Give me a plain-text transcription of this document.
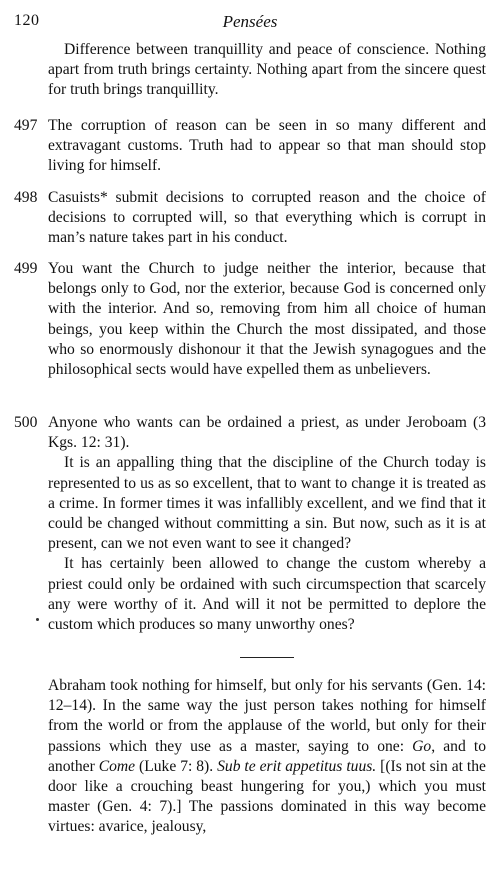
120	Pensées

Difference between tranquillity and peace of conscience. Nothing apart from truth brings certainty. Nothing apart from the sincere quest for truth brings tranquillity.

497 The corruption of reason can be seen in so many different and extravagant customs. Truth had to appear so that man should stop living for himself.

498 Casuists* submit decisions to corrupted reason and the choice of decisions to corrupted will, so that everything which is corrupt in man’s nature takes part in his conduct.

499 You want the Church to judge neither the interior, because that belongs only to God, nor the exterior, because God is concerned only with the interior. And so, removing from him all choice of human beings, you keep within the Church the most dissipated, and those who so enormously dishonour it that the Jewish synagogues and the philosophical sects would have expelled them as unbelievers.

500 Anyone who wants can be ordained a priest, as under Jeroboam (3 Kgs. 12: 31).

It is an appalling thing that the discipline of the Church today is represented to us as so excellent, that to want to change it is treated as a crime. In former times it was infallibly excellent, and we find that it could be changed without committing a sin. But now, such as it is at present, can we not even want to see it changed?

It has certainly been allowed to change the custom whereby a priest could only be ordained with such circumspection that scarcely any were worthy of it. And will it not be permitted to deplore the custom which produces so many unworthy ones?

Abraham took nothing for himself, but only for his servants (Gen. 14: 12–14). In the same way the just person takes nothing for himself from the world or from the applause of the world, but only for their passions which they use as a master, saying to one: Go, and to another Come (Luke 7: 8). Sub te erit appetitus tuus. [(Is not sin at the door like a crouching beast hungering for you,) which you must master (Gen. 4: 7).] The passions dominated in this way become virtues: avarice, jealousy,
